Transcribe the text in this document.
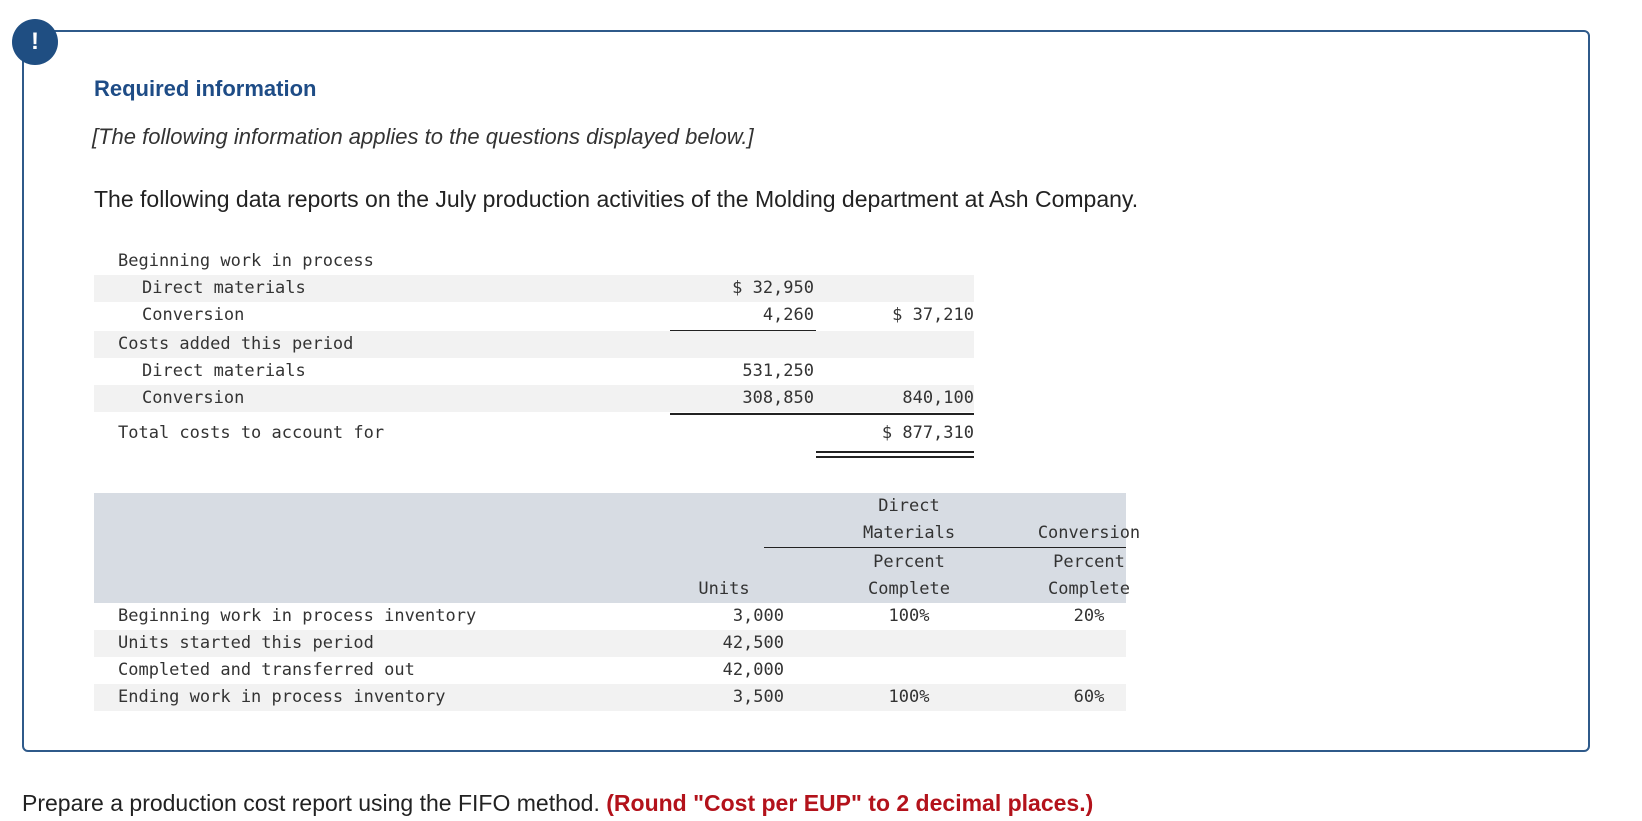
!
Required information
[The following information applies to the questions displayed below.]
The following data reports on the July production activities of the Molding department at Ash Company.
Beginning work in process
Direct materials	$ 32,950
Conversion	4,260	$ 37,210
Costs added this period
Direct materials	531,250
Conversion	308,850	840,100
Total costs to account for	$ 877,310
Direct
Materials	Conversion
Percent	Percent
Units	Complete	Complete
Beginning work in process inventory	3,000	100%	20%
Units started this period	42,500
Completed and transferred out	42,000
Ending work in process inventory	3,500	100%	60%
Prepare a production cost report using the FIFO method. (Round "Cost per EUP" to 2 decimal places.)
